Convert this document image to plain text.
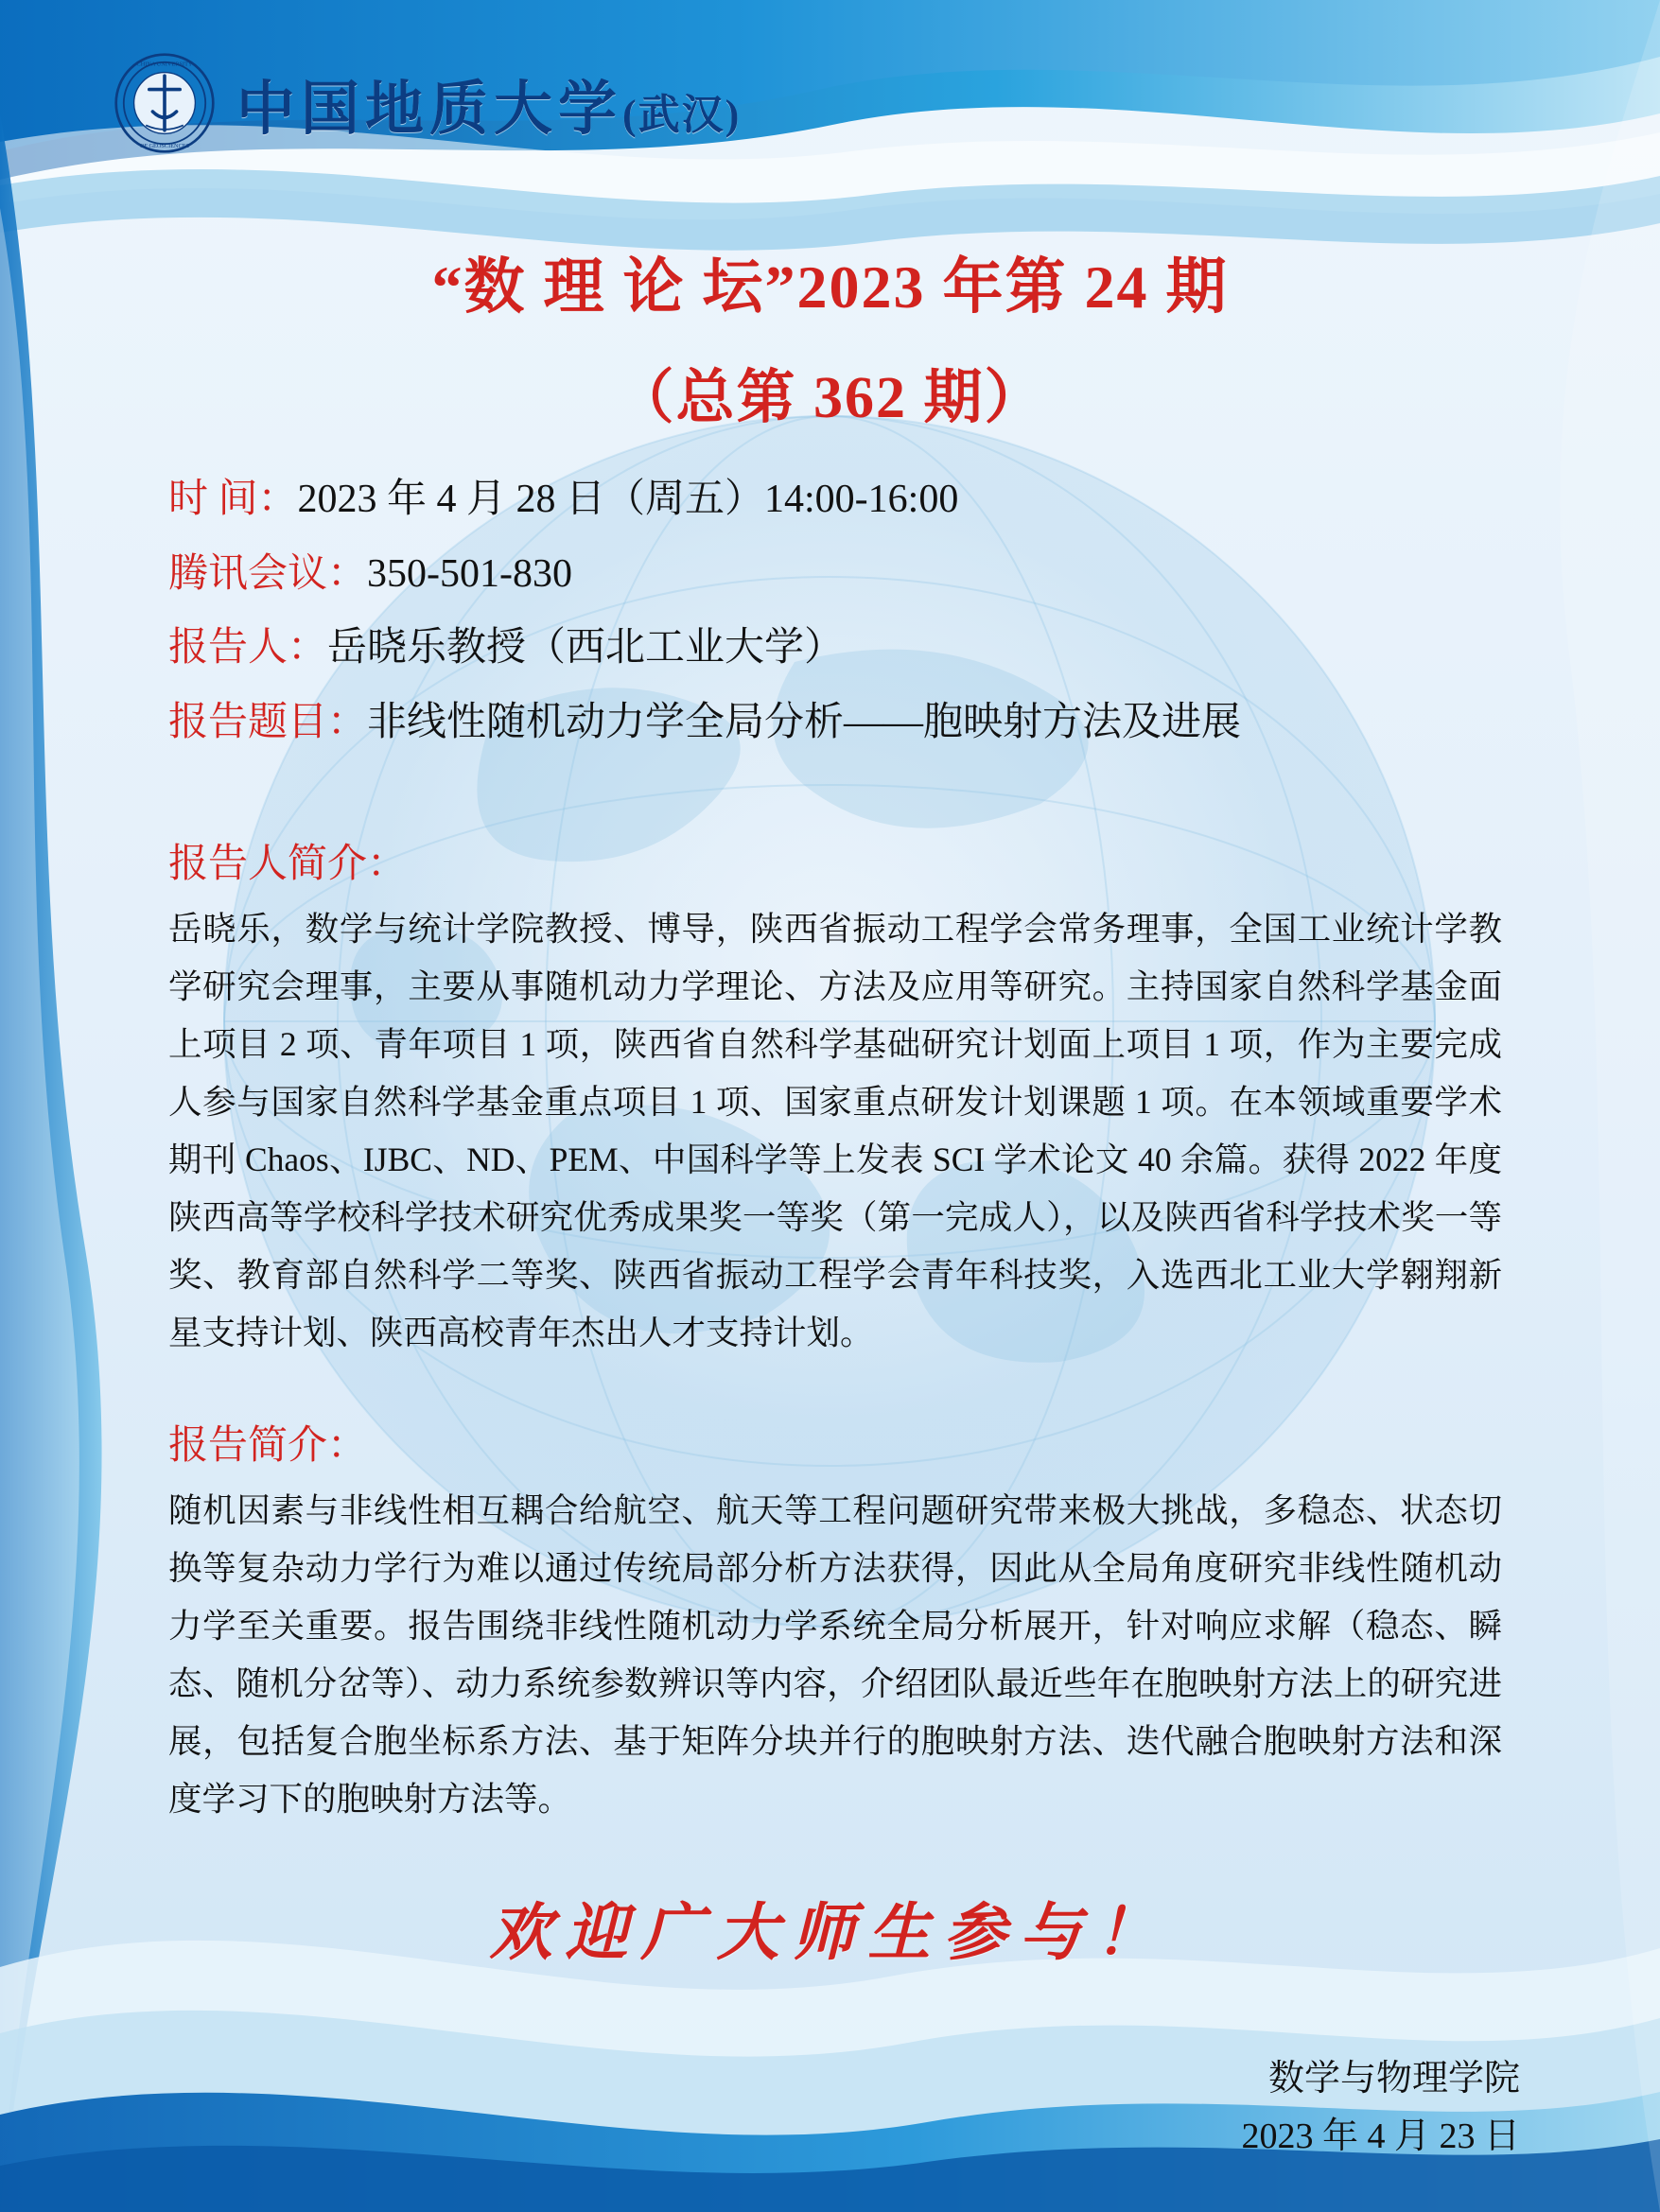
CHINA UNIVERSITY
OF GEOSCIENCES
中国地质大学(武汉)
“数 理 论 坛”2023 年第 24 期
（总第 362 期）
时 间： 2023 年 4 月 28 日（周五）14:00-16:00
腾讯会议： 350-501-830
报告人： 岳晓乐教授（西北工业大学）
报告题目： 非线性随机动力学全局分析——胞映射方法及进展
报告人简介：
岳晓乐，数学与统计学院教授、博导，陕西省振动工程学会常务理事，全国工业统计学教学研究会理事，主要从事随机动力学理论、方法及应用等研究。主持国家自然科学基金面上项目 2 项、青年项目 1 项，陕西省自然科学基础研究计划面上项目 1 项，作为主要完成人参与国家自然科学基金重点项目 1 项、国家重点研发计划课题 1 项。在本领域重要学术期刊 Chaos、IJBC、ND、PEM、中国科学等上发表 SCI 学术论文 40 余篇。获得 2022 年度陕西高等学校科学技术研究优秀成果奖一等奖（第一完成人），以及陕西省科学技术奖一等奖、教育部自然科学二等奖、陕西省振动工程学会青年科技奖，入选西北工业大学翱翔新星支持计划、陕西高校青年杰出人才支持计划。
报告简介：
随机因素与非线性相互耦合给航空、航天等工程问题研究带来极大挑战，多稳态、状态切换等复杂动力学行为难以通过传统局部分析方法获得，因此从全局角度研究非线性随机动力学至关重要。报告围绕非线性随机动力学系统全局分析展开，针对响应求解（稳态、瞬态、随机分岔等）、动力系统参数辨识等内容，介绍团队最近些年在胞映射方法上的研究进展，包括复合胞坐标系方法、基于矩阵分块并行的胞映射方法、迭代融合胞映射方法和深度学习下的胞映射方法等。
欢迎广大师生参与！
数学与物理学院
2023 年 4 月 23 日
